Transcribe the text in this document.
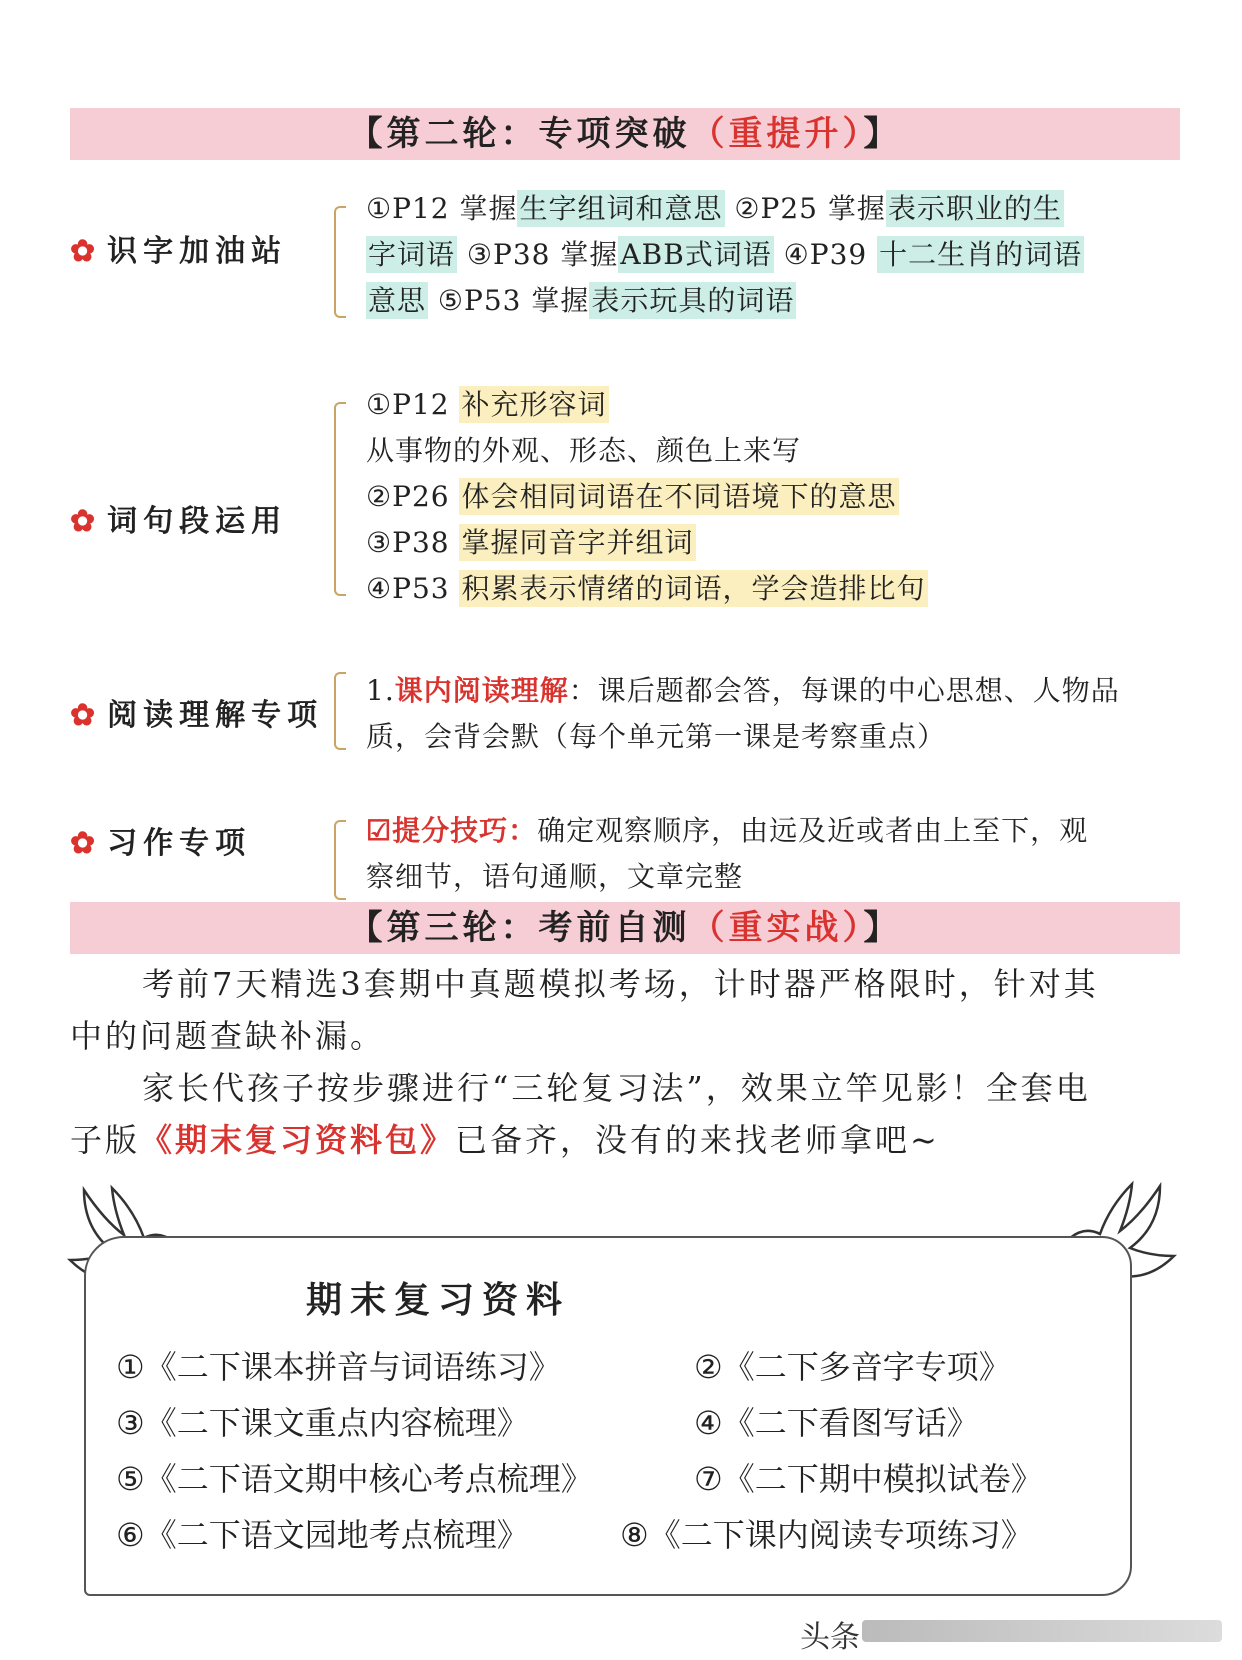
【第二轮：专项突破（重提升）】
✿ 识字加油站
①P12 掌握生字组词和意思 ②P25 掌握表示职业的生
字词语 ③P38 掌握ABB式词语 ④P39 十二生肖的词语
意思 ⑤P53 掌握表示玩具的词语
✿ 词句段运用
①P12 补充形容词
从事物的外观、形态、颜色上来写
②P26 体会相同词语在不同语境下的意思
③P38 掌握同音字并组词
④P53 积累表示情绪的词语，学会造排比句
✿ 阅读理解专项
1.课内阅读理解：课后题都会答，每课的中心思想、人物品
质，会背会默（每个单元第一课是考察重点）
✿ 习作专项	☑提分技巧：确定观察顺序，由远及近或者由上至下，观
察细节，语句通顺，文章完整
【第三轮：考前自测（重实战）】
考前7天精选3套期中真题模拟考场，计时器严格限时，针对其
中的问题查缺补漏。
家长代孩子按步骤进行“三轮复习法”，效果立竿见影！全套电
子版《期末复习资料包》已备齐，没有的来找老师拿吧~
期末复习资料
①《二下课本拼音与词语练习》	②《二下多音字专项》
③《二下课文重点内容梳理》	④《二下看图写话》
⑤《二下语文期中核心考点梳理》	⑦《二下期中模拟试卷》
⑥《二下语文园地考点梳理》	⑧《二下课内阅读专项练习》
头条
